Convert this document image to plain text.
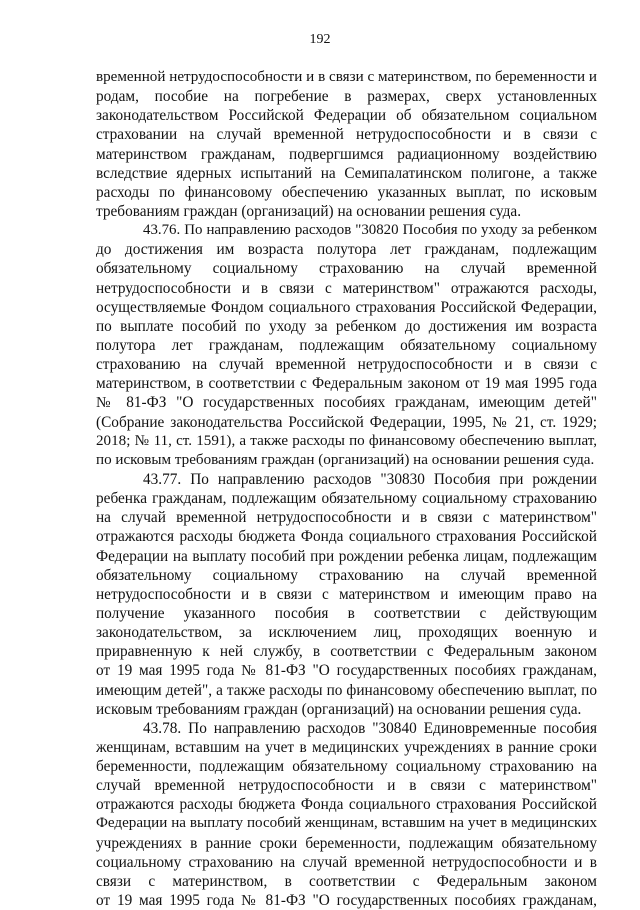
192
временной нетрудоспособности и в связи с материнством, по беременности и
родам, пособие на погребение в размерах, сверх установленных
законодательством Российской Федерации об обязательном социальном
страховании на случай временной нетрудоспособности и в связи с
материнством гражданам, подвергшимся радиационному воздействию
вследствие ядерных испытаний на Семипалатинском полигоне, а также
расходы по финансовому обеспечению указанных выплат, по исковым
требованиям граждан (организаций) на основании решения суда.
43.76. По направлению расходов "30820 Пособия по уходу за ребенком
до достижения им возраста полутора лет гражданам, подлежащим
обязательному социальному страхованию на случай временной
нетрудоспособности и в связи с материнством" отражаются расходы,
осуществляемые Фондом социального страхования Российской Федерации,
по выплате пособий по уходу за ребенком до достижения им возраста
полутора лет гражданам, подлежащим обязательному социальному
страхованию на случай временной нетрудоспособности и в связи с
материнством, в соответствии с Федеральным законом от 19 мая 1995 года
№ 81-ФЗ "О государственных пособиях гражданам, имеющим детей"
(Собрание законодательства Российской Федерации, 1995, № 21, ст. 1929;
2018; № 11, ст. 1591), а также расходы по финансовому обеспечению выплат,
по исковым требованиям граждан (организаций) на основании решения суда.
43.77. По направлению расходов "30830 Пособия при рождении
ребенка гражданам, подлежащим обязательному социальному страхованию
на случай временной нетрудоспособности и в связи с материнством"
отражаются расходы бюджета Фонда социального страхования Российской
Федерации на выплату пособий при рождении ребенка лицам, подлежащим
обязательному социальному страхованию на случай временной
нетрудоспособности и в связи с материнством и имеющим право на
получение указанного пособия в соответствии с действующим
законодательством, за исключением лиц, проходящих военную и
приравненную к ней службу, в соответствии с Федеральным законом
от 19 мая 1995 года № 81-ФЗ "О государственных пособиях гражданам,
имеющим детей", а также расходы по финансовому обеспечению выплат, по
исковым требованиям граждан (организаций) на основании решения суда.
43.78. По направлению расходов "30840 Единовременные пособия
женщинам, вставшим на учет в медицинских учреждениях в ранние сроки
беременности, подлежащим обязательному социальному страхованию на
случай временной нетрудоспособности и в связи с материнством"
отражаются расходы бюджета Фонда социального страхования Российской
Федерации на выплату пособий женщинам, вставшим на учет в медицинских
учреждениях в ранние сроки беременности, подлежащим обязательному
социальному страхованию на случай временной нетрудоспособности и в
связи с материнством, в соответствии с Федеральным законом
от 19 мая 1995 года № 81-ФЗ "О государственных пособиях гражданам,
